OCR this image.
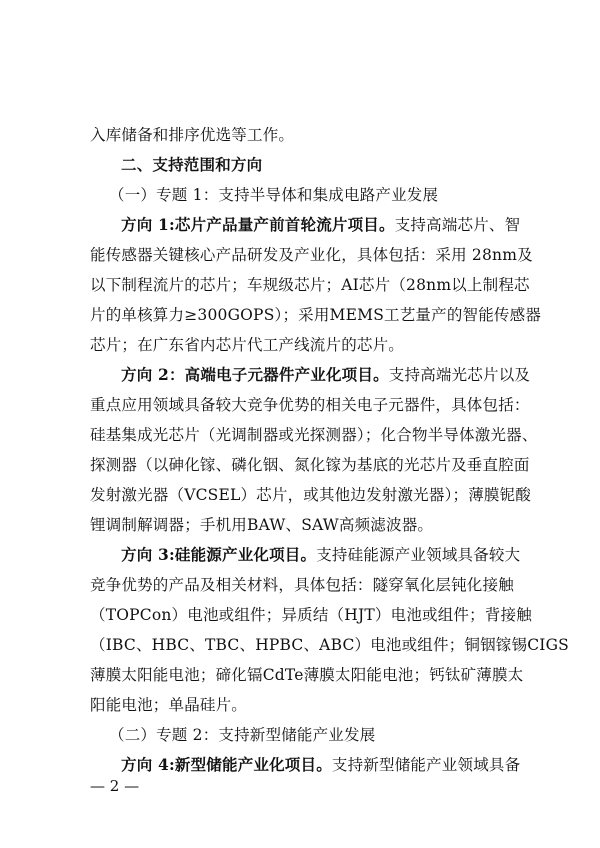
入库储备和排序优选等工作。
二、支持范围和方向
（一）专题 1：支持半导体和集成电路产业发展
方向 1:芯片产品量产前首轮流片项目。支持高端芯片、智
能传感器关键核心产品研发及产业化，具体包括：采用 28nm及
以下制程流片的芯片；车规级芯片；AI芯片（28nm以上制程芯
片的单核算力≥300GOPS）；采用MEMS工艺量产的智能传感器
芯片；在广东省内芯片代工产线流片的芯片。
方向 2：高端电子元器件产业化项目。支持高端光芯片以及
重点应用领域具备较大竞争优势的相关电子元器件，具体包括：
硅基集成光芯片（光调制器或光探测器）；化合物半导体激光器、
探测器（以砷化镓、磷化铟、氮化镓为基底的光芯片及垂直腔面
发射激光器（VCSEL）芯片，或其他边发射激光器）；薄膜铌酸
锂调制解调器；手机用BAW、SAW高频滤波器。
方向 3:硅能源产业化项目。支持硅能源产业领域具备较大
竞争优势的产品及相关材料，具体包括：隧穿氧化层钝化接触
（TOPCon）电池或组件；异质结（HJT）电池或组件；背接触
（IBC、HBC、TBC、HPBC、ABC）电池或组件；铜铟镓锡CIGS
薄膜太阳能电池；碲化镉CdTe薄膜太阳能电池；钙钛矿薄膜太
阳能电池；单晶硅片。
（二）专题 2：支持新型储能产业发展
方向 4:新型储能产业化项目。支持新型储能产业领域具备
— 2 —
